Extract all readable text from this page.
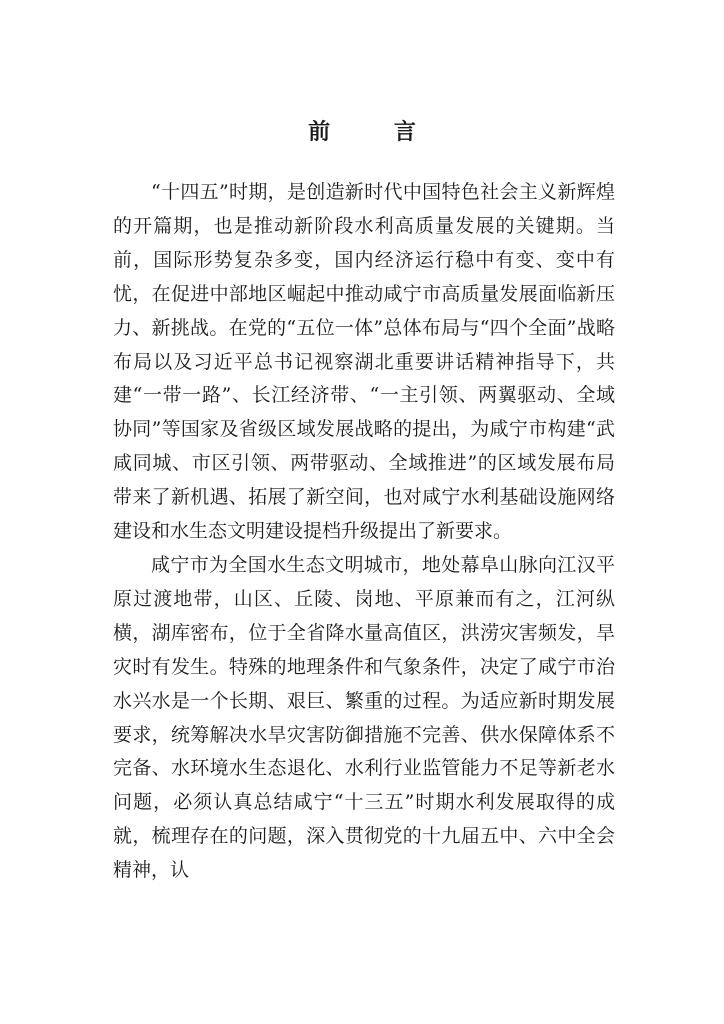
前 言

“十四五”时期，是创造新时代中国特色社会主义新辉煌的开篇期，也是推动新阶段水利高质量发展的关键期。当前，国际形势复杂多变，国内经济运行稳中有变、变中有忧，在促进中部地区崛起中推动咸宁市高质量发展面临新压力、新挑战。在党的“五位一体”总体布局与“四个全面”战略布局以及习近平总书记视察湖北重要讲话精神指导下，共建“一带一路”、长江经济带、“一主引领、两翼驱动、全域协同”等国家及省级区域发展战略的提出，为咸宁市构建“武咸同城、市区引领、两带驱动、全域推进”的区域发展布局带来了新机遇、拓展了新空间，也对咸宁水利基础设施网络建设和水生态文明建设提档升级提出了新要求。

咸宁市为全国水生态文明城市，地处幕阜山脉向江汉平原过渡地带，山区、丘陵、岗地、平原兼而有之，江河纵横，湖库密布，位于全省降水量高值区，洪涝灾害频发，旱灾时有发生。特殊的地理条件和气象条件，决定了咸宁市治水兴水是一个长期、艰巨、繁重的过程。为适应新时期发展要求，统筹解决水旱灾害防御措施不完善、供水保障体系不完备、水环境水生态退化、水利行业监管能力不足等新老水问题，必须认真总结咸宁“十三五”时期水利发展取得的成就，梳理存在的问题，深入贯彻党的十九届五中、六中全会精神，认
